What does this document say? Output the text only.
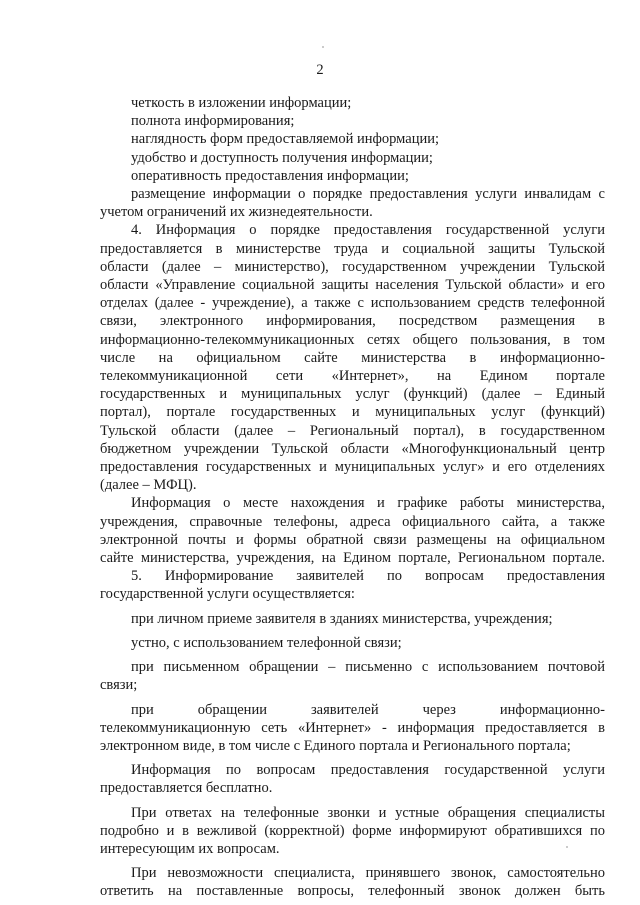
2
четкость в изложении информации;
полнота информирования;
наглядность форм предоставляемой информации;
удобство и доступность получения информации;
оперативность предоставления информации;
размещение информации о порядке предоставления услуги инвалидам с
учетом ограничений их жизнедеятельности.
4. Информация о порядке предоставления государственной услуги
предоставляется в министерстве труда и социальной защиты Тульской
области (далее – министерство), государственном учреждении Тульской
области «Управление социальной защиты населения Тульской области» и его
отделах (далее - учреждение), а также с использованием средств телефонной
связи, электронного информирования, посредством размещения в
информационно-телекоммуникационных сетях общего пользования, в том
числе на официальном сайте министерства в информационно-
телекоммуникационной сети «Интернет», на Едином портале
государственных и муниципальных услуг (функций) (далее – Единый
портал), портале государственных и муниципальных услуг (функций)
Тульской области (далее – Региональный портал), в государственном
бюджетном учреждении Тульской области «Многофункциональный центр
предоставления государственных и муниципальных услуг» и его отделениях
(далее – МФЦ).
Информация о месте нахождения и графике работы министерства,
учреждения, справочные телефоны, адреса официального сайта, а также
электронной почты и формы обратной связи размещены на официальном
сайте министерства, учреждения, на Едином портале, Региональном портале.
5. Информирование заявителей по вопросам предоставления
государственной услуги осуществляется:
при личном приеме заявителя в зданиях министерства, учреждения;
устно, с использованием телефонной связи;
при письменном обращении – письменно с использованием почтовой
связи;
при обращении заявителей через информационно-
телекоммуникационную сеть «Интернет» - информация предоставляется в
электронном виде, в том числе с Единого портала и Регионального портала;
Информация по вопросам предоставления государственной услуги
предоставляется бесплатно.
При ответах на телефонные звонки и устные обращения специалисты
подробно и в вежливой (корректной) форме информируют обратившихся по
интересующим их вопросам.
При невозможности специалиста, принявшего звонок, самостоятельно
ответить на поставленные вопросы, телефонный звонок должен быть
